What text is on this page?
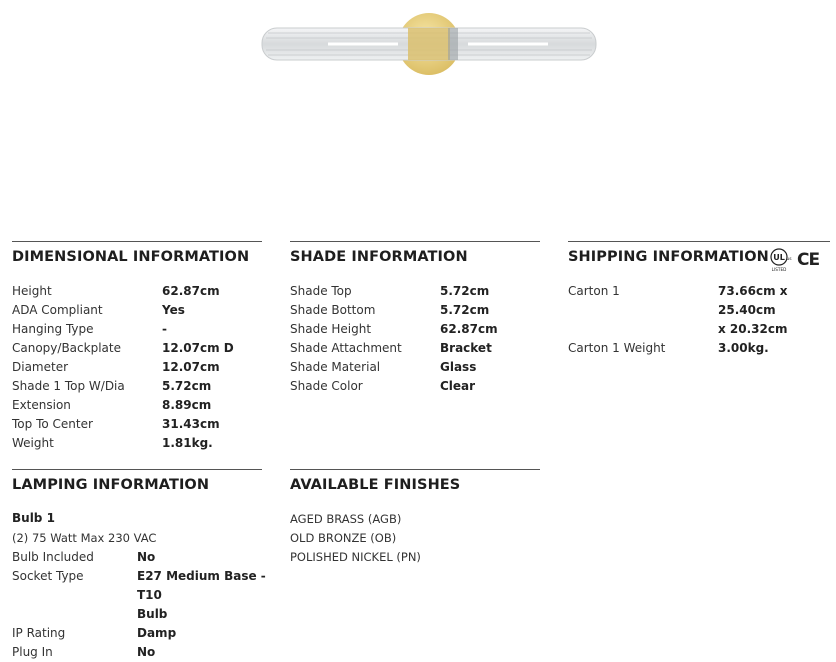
DIMENSIONAL INFORMATION
Height	62.87cm
ADA Compliant	Yes
Hanging Type	-
Canopy/Backplate	12.07cm D
Diameter	12.07cm
Shade 1 Top W/Dia	5.72cm
Extension	8.89cm
Top To Center	31.43cm
Weight	1.81kg.
SHADE INFORMATION
Shade Top	5.72cm
Shade Bottom	5.72cm
Shade Height	62.87cm
Shade Attachment	Bracket
Shade Material	Glass
Shade Color	Clear
SHIPPING INFORMATION UL us
LISTED CE
Carton 1	73.66cm x 25.40cm
x 20.32cm
Carton 1 Weight	3.00kg.
LAMPING INFORMATION
Bulb 1
(2) 75 Watt Max 230 VAC
Bulb Included	No
Socket Type	E27 Medium Base - T10
Bulb
IP Rating	Damp
Plug In	No
AVAILABLE FINISHES
AGED BRASS (AGB)
OLD BRONZE (OB)
POLISHED NICKEL (PN)
